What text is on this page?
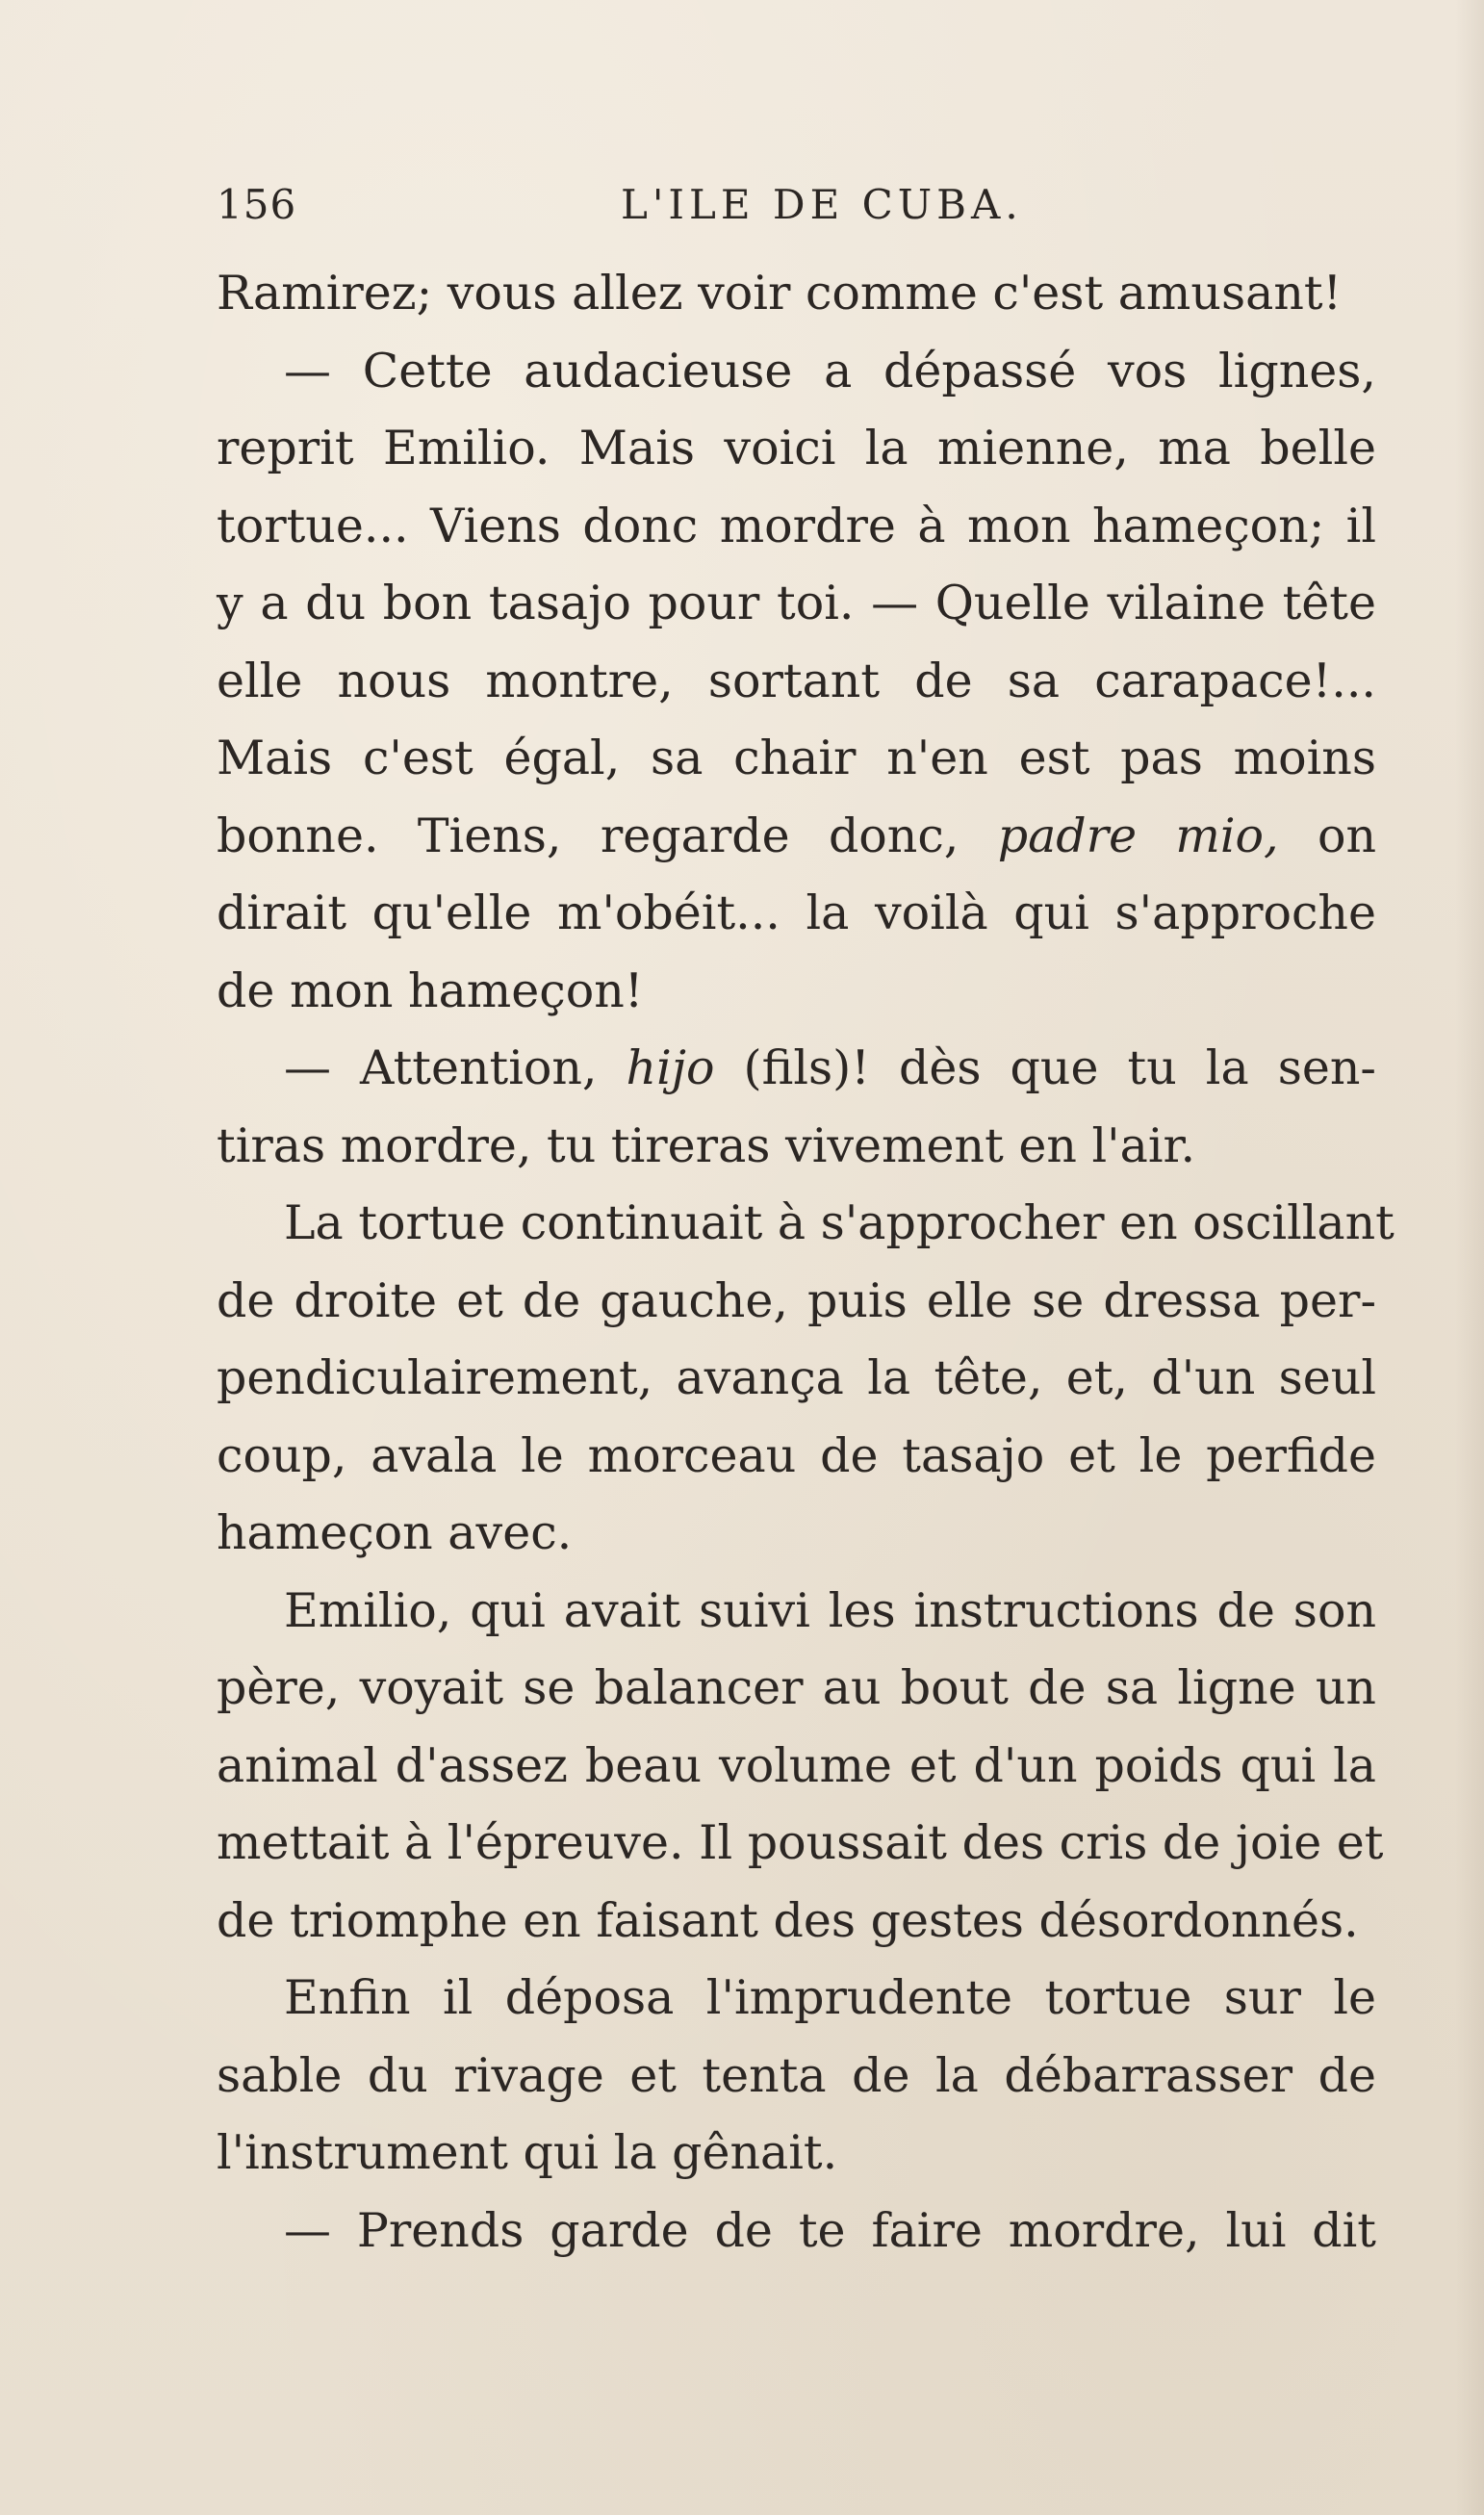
156	L'ILE DE CUBA.
Ramirez; vous allez voir comme c'est amusant!
— Cette audacieuse a dépassé vos lignes,
reprit Emilio. Mais voici la mienne, ma belle
tortue... Viens donc mordre à mon hameçon; il
y a du bon tasajo pour toi. — Quelle vilaine tête
elle nous montre, sortant de sa carapace!...
Mais c'est égal, sa chair n'en est pas moins
bonne. Tiens, regarde donc, padre mio, on
dirait qu'elle m'obéit... la voilà qui s'approche
de mon hameçon!
— Attention, hijo (fils)! dès que tu la sen-
tiras mordre, tu tireras vivement en l'air.
La tortue continuait à s'approcher en oscillant
de droite et de gauche, puis elle se dressa per-
pendiculairement, avança la tête, et, d'un seul
coup, avala le morceau de tasajo et le perfide
hameçon avec.
Emilio, qui avait suivi les instructions de son
père, voyait se balancer au bout de sa ligne un
animal d'assez beau volume et d'un poids qui la
mettait à l'épreuve. Il poussait des cris de joie et
de triomphe en faisant des gestes désordonnés.
Enfin il déposa l'imprudente tortue sur le
sable du rivage et tenta de la débarrasser de
l'instrument qui la gênait.
— Prends garde de te faire mordre, lui dit
